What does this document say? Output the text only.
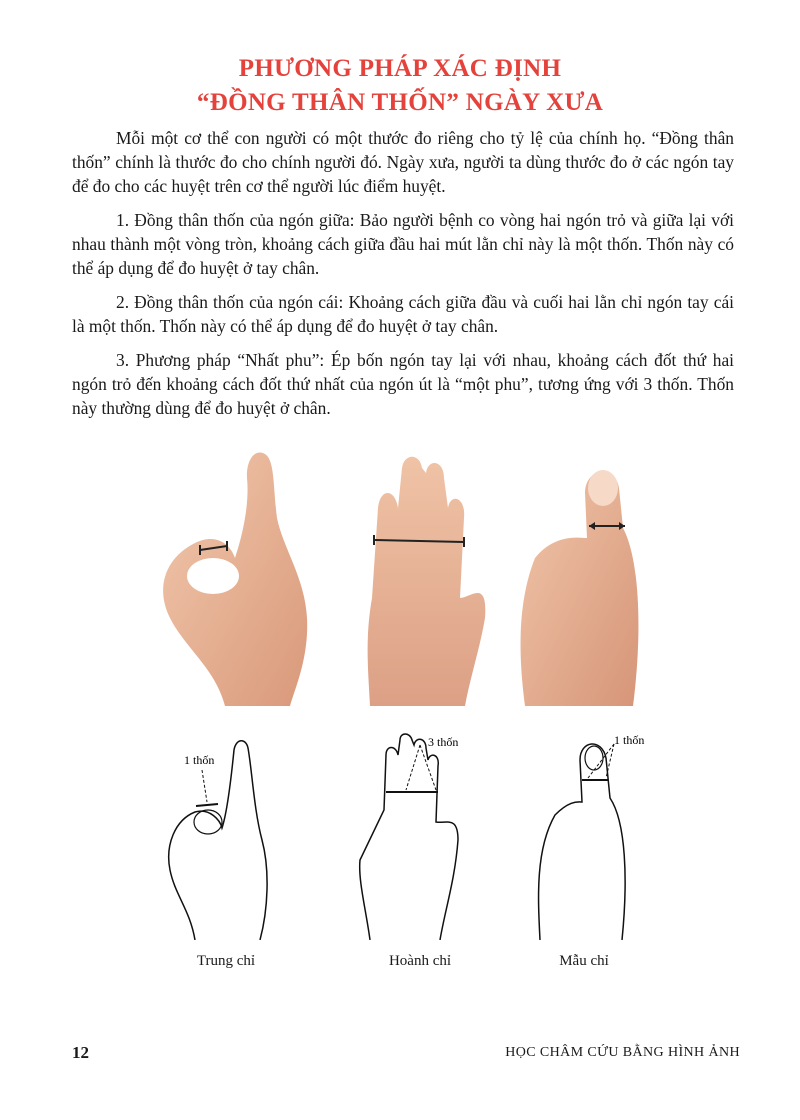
PHƯƠNG PHÁP XÁC ĐỊNH
“ĐỒNG THÂN THỐN” NGÀY XƯA

Mỗi một cơ thể con người có một thước đo riêng cho tỷ lệ của chính họ. “Đồng thân thốn” chính là thước đo cho chính người đó. Ngày xưa, người ta dùng thước đo ở các ngón tay để đo cho các huyệt trên cơ thể người lúc điểm huyệt.

1. Đồng thân thốn của ngón giữa: Bảo người bệnh co vòng hai ngón trỏ và giữa lại với nhau thành một vòng tròn, khoảng cách giữa đầu hai mút lằn chỉ này là một thốn. Thốn này có thể áp dụng để đo huyệt ở tay chân.

2. Đồng thân thốn của ngón cái: Khoảng cách giữa đầu và cuối hai lằn chỉ ngón tay cái là một thốn. Thốn này có thể áp dụng để đo huyệt ở tay chân.

3. Phương pháp “Nhất phu”: Ép bốn ngón tay lại với nhau, khoảng cách đốt thứ hai ngón trỏ đến khoảng cách đốt thứ nhất của ngón út là “một phu”, tương ứng với 3 thốn. Thốn này thường dùng để đo huyệt ở chân.

1 thốn
3 thốn	1 thốn
Trung chỉ	Hoành chỉ	Mẫu chỉ
12	HỌC CHÂM CỨU BẰNG HÌNH ẢNH
